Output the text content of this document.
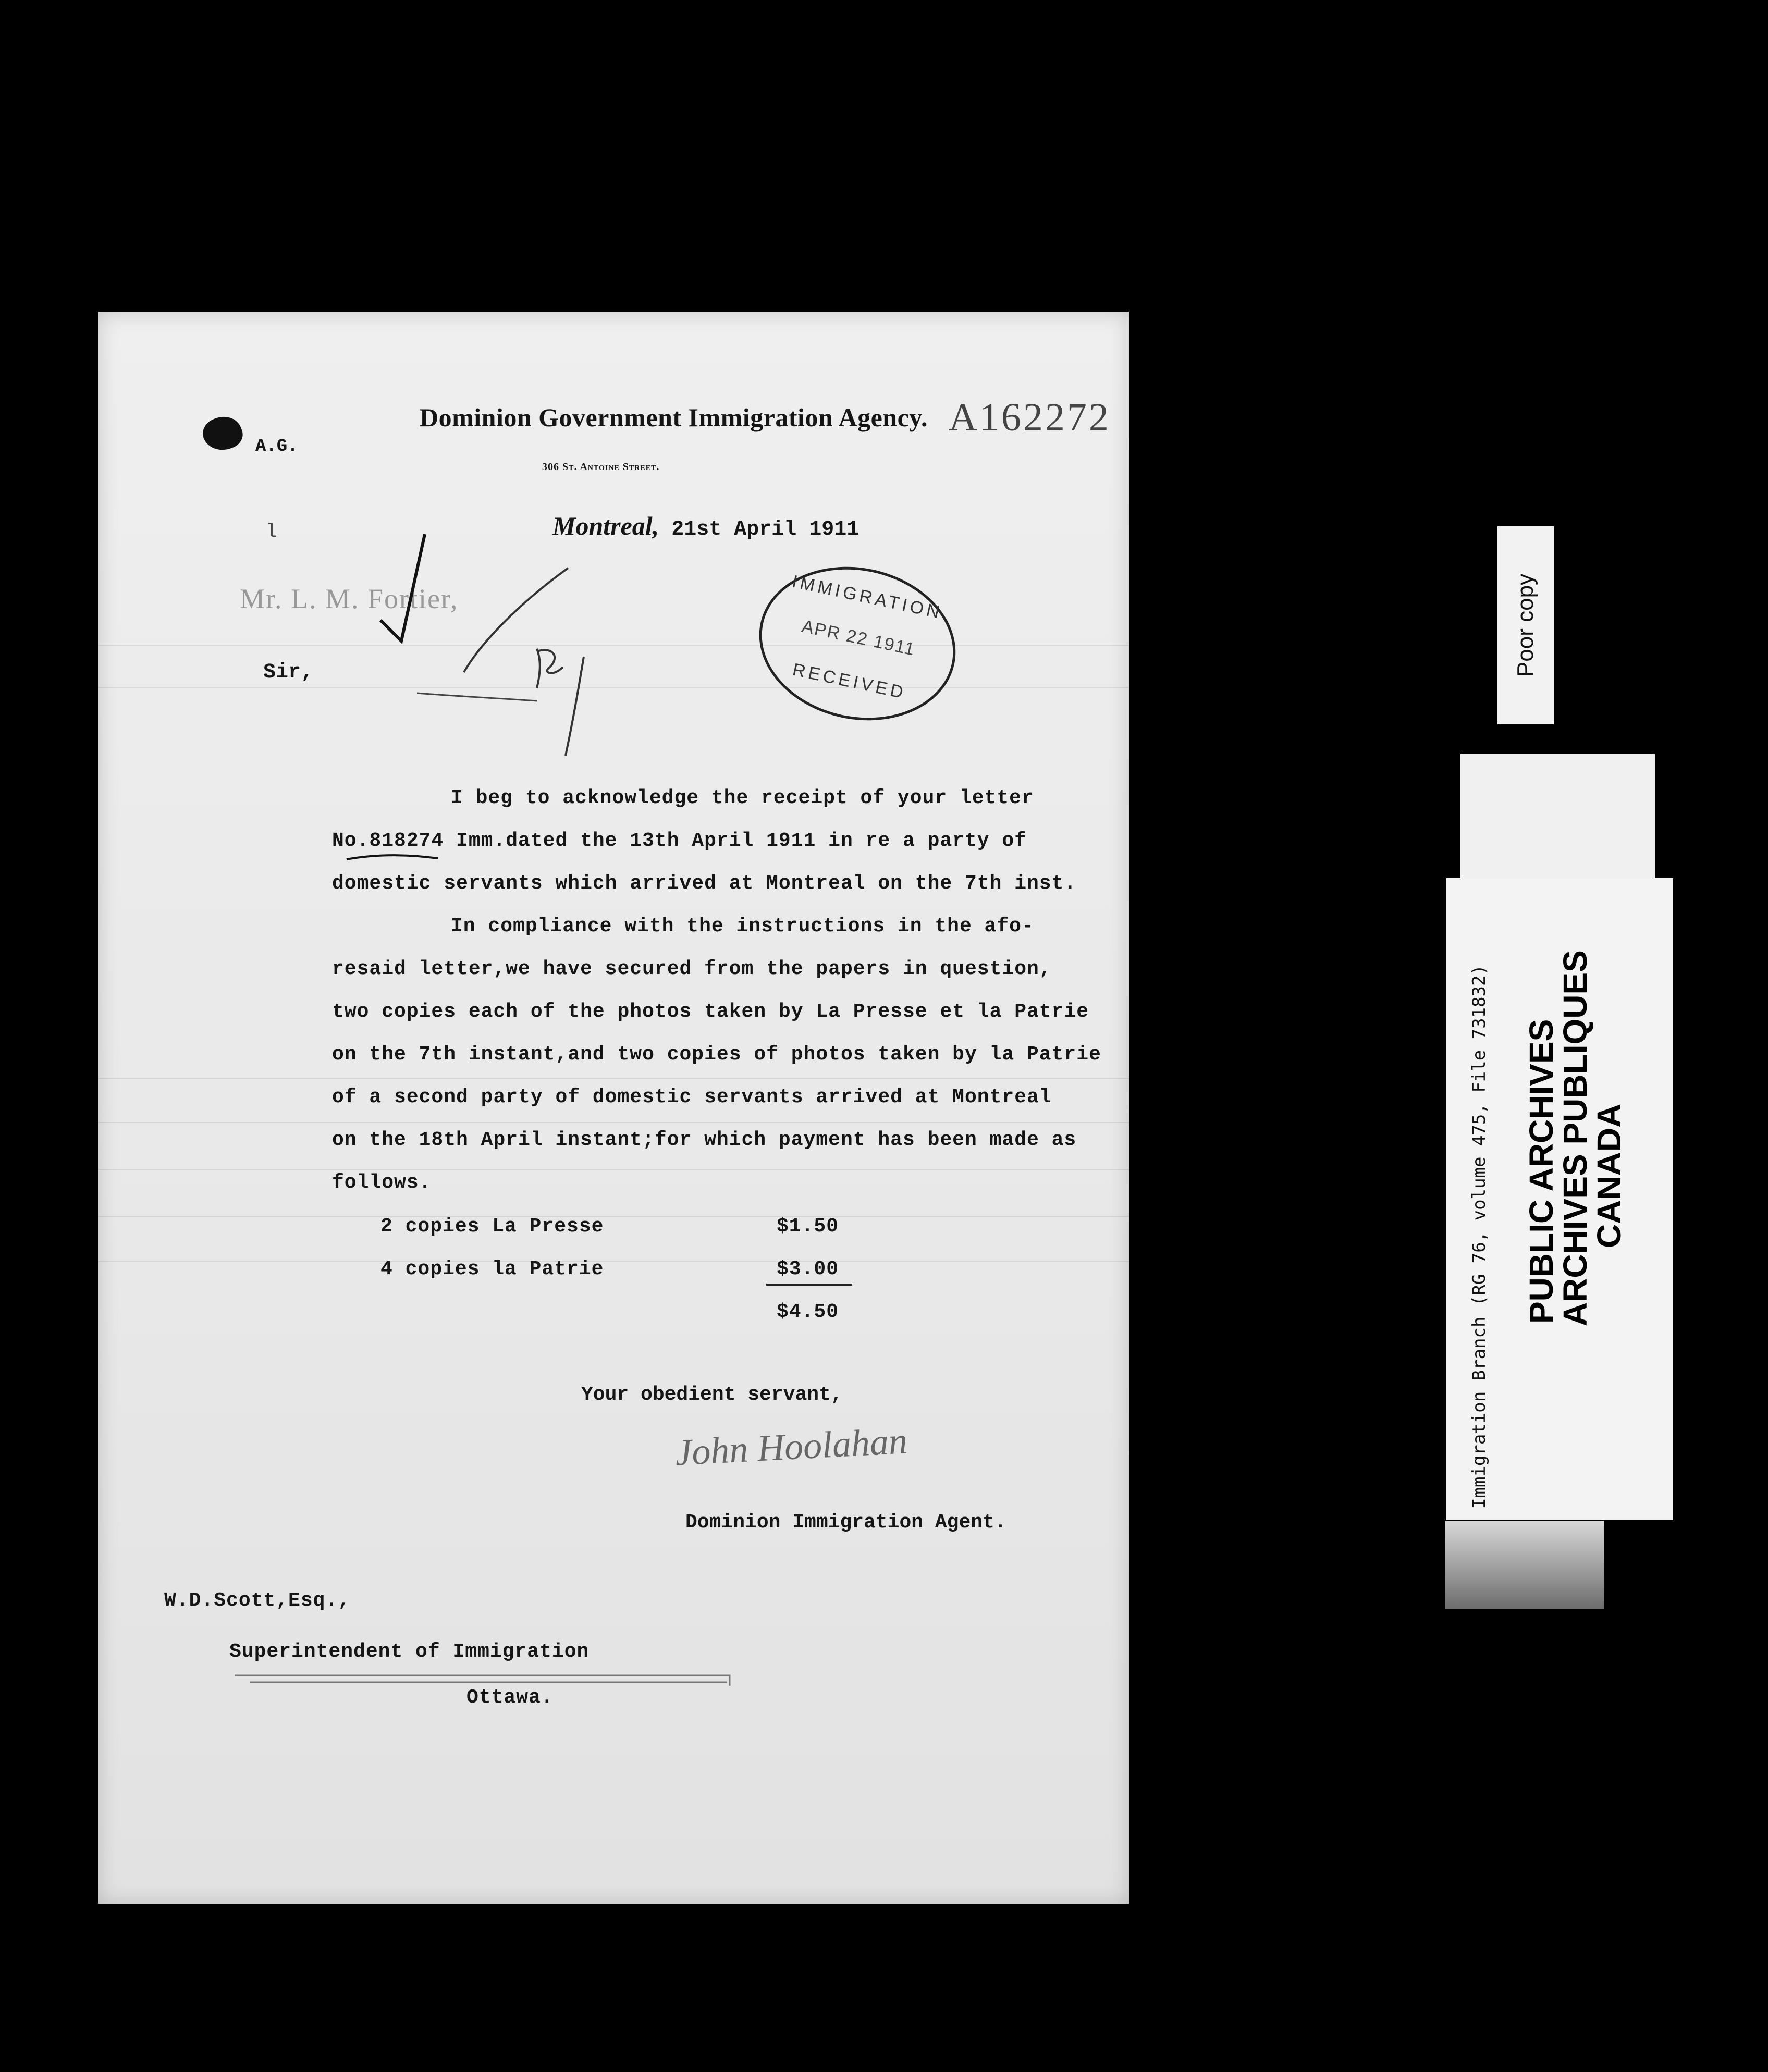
Dominion Government Immigration Agency.
306 St. Antoine Street.
A162272
A.G.
l	Montreal, 21st April 1911
Mr. L. M. Fortier,
Sir,
IMMIGRATION
APR 22 1911
RECEIVED
I beg to acknowledge the receipt of your letter
No.818274 Imm.dated the 13th April 1911 in re a party of
domestic servants which arrived at Montreal on the 7th inst.
In compliance with the instructions in the afo-
resaid letter,we have secured from the papers in question,
two copies each of the photos taken by La Presse et la Patrie
on the 7th instant,and two copies of photos taken by la Patrie
of a second party of domestic servants arrived at Montreal
on the 18th April instant;for which payment has been made as
follows.
2 copies La Presse	$1.50
4 copies la Patrie	$3.00
$4.50
Your obedient servant,
John Hoolahan
Dominion Immigration Agent.
W.D.Scott,Esq.,
Superintendent of Immigration
Ottawa.
Poor copy
Immigration Branch (RG 76, volume 475, File 731832) PUBLIC ARCHIVES
ARCHIVES PUBLIQUES
CANADA
